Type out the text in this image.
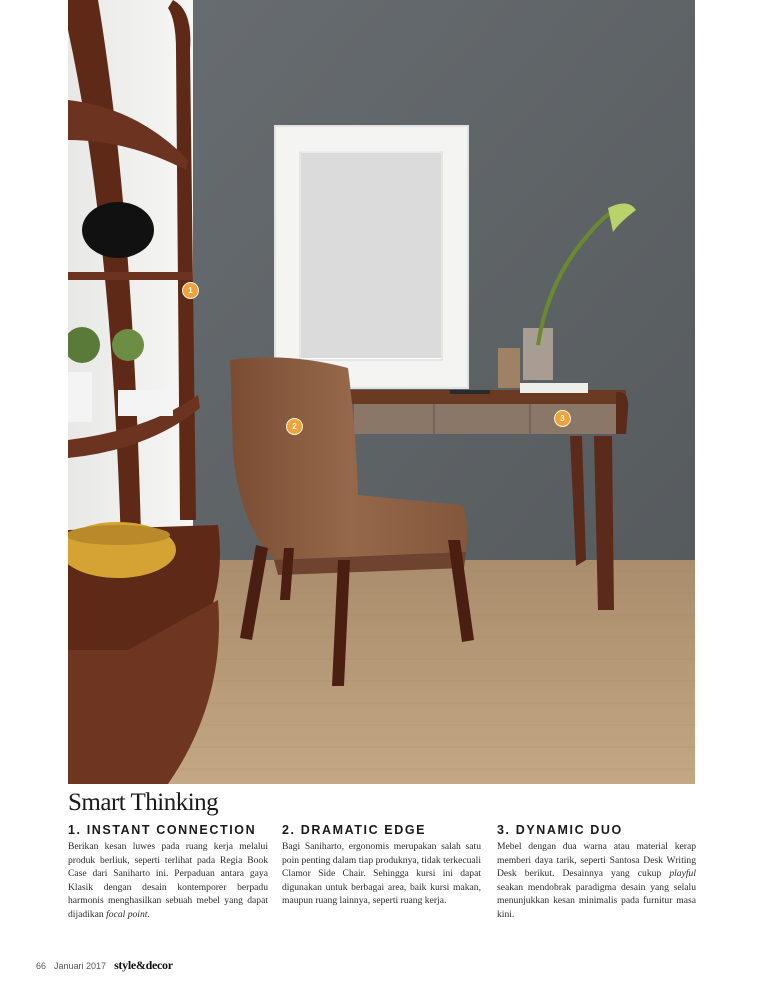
1
2
3
Smart Thinking
1. INSTANT CONNECTION

Berikan kesan luwes pada ruang kerja melalui produk berliuk, seperti terlihat pada Regia Book Case dari Saniharto ini. Perpaduan antara gaya Klasik dengan desain kontemporer berpadu harmonis menghasilkan sebuah mebel yang dapat dijadikan focal point.

2. DRAMATIC EDGE

Bagi Saniharto, ergonomis merupakan salah satu poin penting dalam tiap produknya, tidak terkecuali Clamor Side Chair. Sehingga kursi ini dapat digunakan untuk berbagai area, baik kursi makan, maupun ruang lainnya, seperti ruang kerja.

3. DYNAMIC DUO

Mebel dengan dua warna atau material kerap memberi daya tarik, seperti Santosa Desk Writing Desk berikut. Desainnya yang cukup playful seakan mendobrak paradigma desain yang selalu menunjukkan kesan minimalis pada furnitur masa kini.

66 Januari 2017 style&decor
